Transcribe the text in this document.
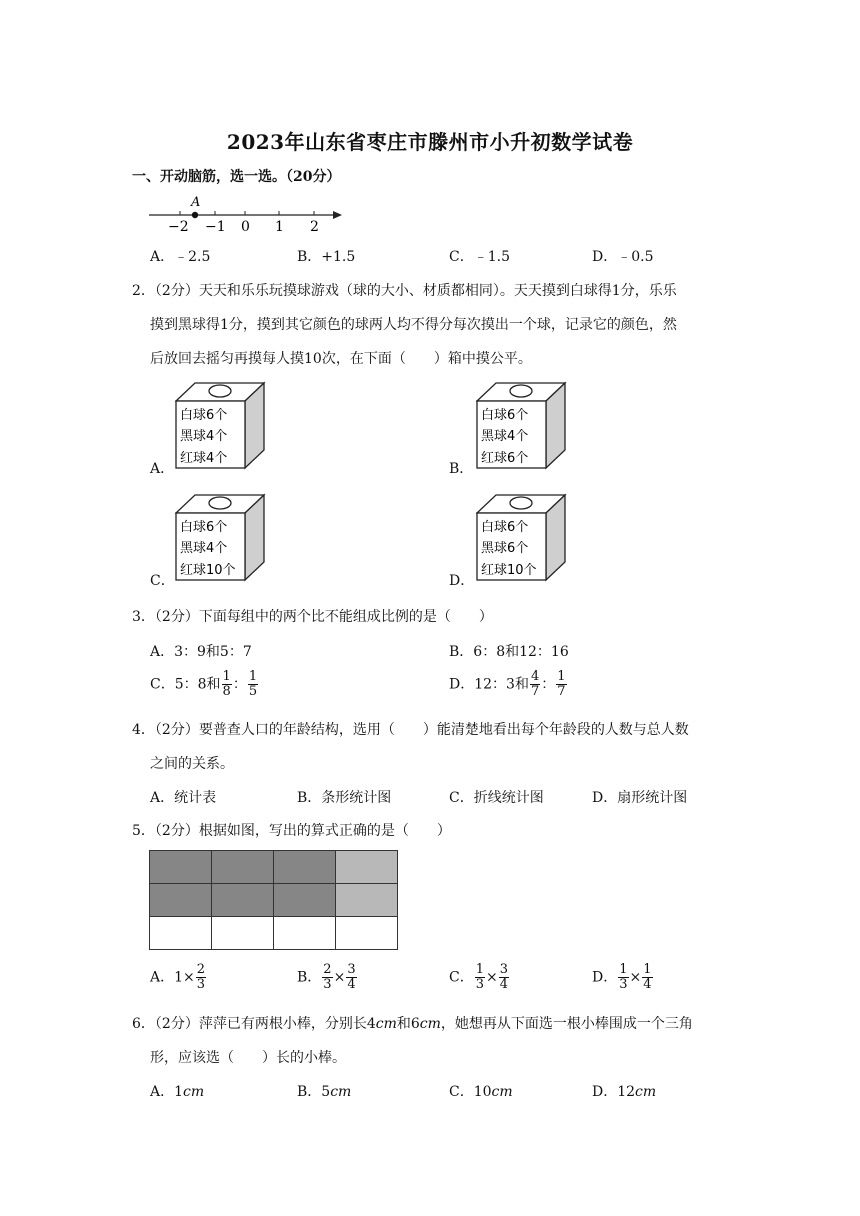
2023年山东省枣庄市滕州市小升初数学试卷
一、开动脑筋，选一选。（20分）
A
−2 −1 0 1 2
A．﹣2.5	B．+1.5	C．﹣1.5	D．﹣0.5
2．（2分）天天和乐乐玩摸球游戏（球的大小、材质都相同）。天天摸到白球得1分，乐乐
摸到黑球得1分，摸到其它颜色的球两人均不得分每次摸出一个球，记录它的颜色，然
后放回去摇匀再摸每人摸10次，在下面（　　）箱中摸公平。
A．
白球6个
黑球4个
红球4个
B．
白球6个
黑球4个
红球6个
C．
白球6个
黑球4个
红球10个
D．
白球6个
黑球6个
红球10个
3．（2分）下面每组中的两个比不能组成比例的是（　　）
A．3：9和5：7	B．6：8和12：16
C．5：8和 $\frac{1}{8}$ ： $\frac{1}{5}$	D．12：3和 $\frac{4}{7}$ ： $\frac{1}{7}$
4．（2分）要普查人口的年龄结构，选用（　　）能清楚地看出每个年龄段的人数与总人数
之间的关系。
A．统计表	B．条形统计图	C．折线统计图	D．扇形统计图
5．（2分）根据如图，写出的算式正确的是（　　）

A．$1\times \frac{2}{3}$	B． $\frac{2}{3} \times \frac{3}{4}$	C． $\frac{1}{3} \times \frac{3}{4}$	D． $\frac{1}{3} \times \frac{1}{4}$
6．（2分）萍萍已有两根小棒，分别长4cm和6cm，她想再从下面选一根小棒围成一个三角
形，应该选（　　）长的小棒。
A．1cm	B．5cm	C．10cm	D．12cm
